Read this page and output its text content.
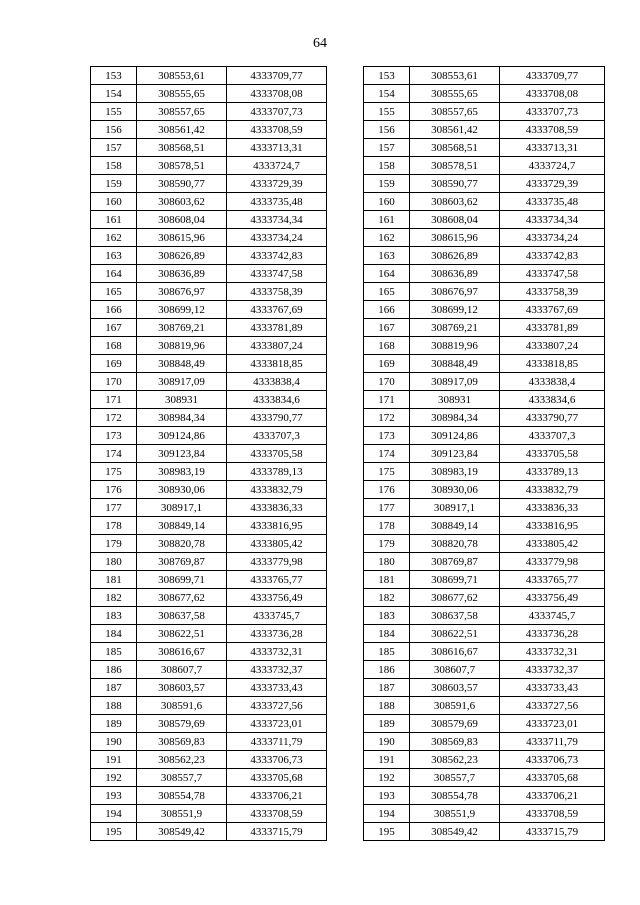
64
153	308553,61	4333709,77
154	308555,65	4333708,08
155	308557,65	4333707,73
156	308561,42	4333708,59
157	308568,51	4333713,31
158	308578,51	4333724,7
159	308590,77	4333729,39
160	308603,62	4333735,48
161	308608,04	4333734,34
162	308615,96	4333734,24
163	308626,89	4333742,83
164	308636,89	4333747,58
165	308676,97	4333758,39
166	308699,12	4333767,69
167	308769,21	4333781,89
168	308819,96	4333807,24
169	308848,49	4333818,85
170	308917,09	4333838,4
171	308931	4333834,6
172	308984,34	4333790,77
173	309124,86	4333707,3
174	309123,84	4333705,58
175	308983,19	4333789,13
176	308930,06	4333832,79
177	308917,1	4333836,33
178	308849,14	4333816,95
179	308820,78	4333805,42
180	308769,87	4333779,98
181	308699,71	4333765,77
182	308677,62	4333756,49
183	308637,58	4333745,7
184	308622,51	4333736,28
185	308616,67	4333732,31
186	308607,7	4333732,37
187	308603,57	4333733,43
188	308591,6	4333727,56
189	308579,69	4333723,01
190	308569,83	4333711,79
191	308562,23	4333706,73
192	308557,7	4333705,68
193	308554,78	4333706,21
194	308551,9	4333708,59
195	308549,42	4333715,79
153	308553,61	4333709,77
154	308555,65	4333708,08
155	308557,65	4333707,73
156	308561,42	4333708,59
157	308568,51	4333713,31
158	308578,51	4333724,7
159	308590,77	4333729,39
160	308603,62	4333735,48
161	308608,04	4333734,34
162	308615,96	4333734,24
163	308626,89	4333742,83
164	308636,89	4333747,58
165	308676,97	4333758,39
166	308699,12	4333767,69
167	308769,21	4333781,89
168	308819,96	4333807,24
169	308848,49	4333818,85
170	308917,09	4333838,4
171	308931	4333834,6
172	308984,34	4333790,77
173	309124,86	4333707,3
174	309123,84	4333705,58
175	308983,19	4333789,13
176	308930,06	4333832,79
177	308917,1	4333836,33
178	308849,14	4333816,95
179	308820,78	4333805,42
180	308769,87	4333779,98
181	308699,71	4333765,77
182	308677,62	4333756,49
183	308637,58	4333745,7
184	308622,51	4333736,28
185	308616,67	4333732,31
186	308607,7	4333732,37
187	308603,57	4333733,43
188	308591,6	4333727,56
189	308579,69	4333723,01
190	308569,83	4333711,79
191	308562,23	4333706,73
192	308557,7	4333705,68
193	308554,78	4333706,21
194	308551,9	4333708,59
195	308549,42	4333715,79
